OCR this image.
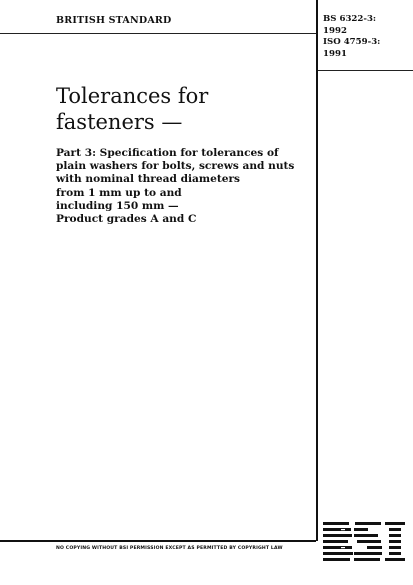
BRITISH STANDARD	BS 6322-3:
1992
ISO 4759-3:
1991
Tolerances for
fasteners —
Part 3: Specification for tolerances of
plain washers for bolts, screws and nuts
with nominal thread diameters
from 1 mm up to and
including 150 mm —
Product grades A and C
NO COPYING WITHOUT BSI PERMISSION EXCEPT AS PERMITTED BY COPYRIGHT LAW
